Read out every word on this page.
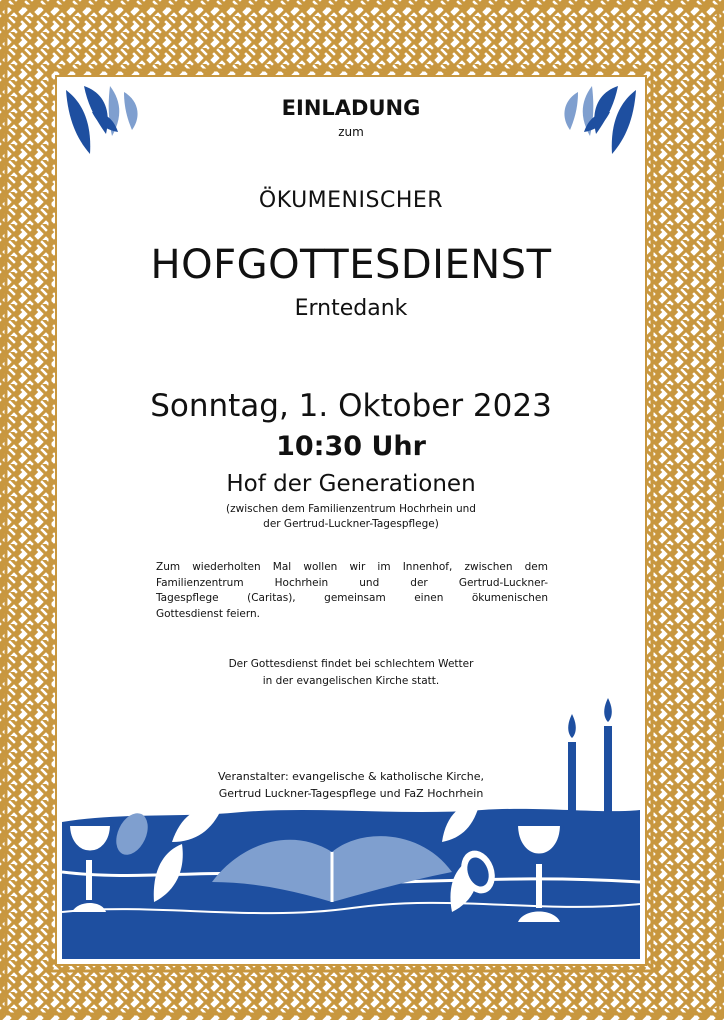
EINLADUNG
zum
ÖKUMENISCHER
HOFGOTTESDIENST
Erntedank
Sonntag, 1. Oktober 2023
10:30 Uhr
Hof der Generationen
(zwischen dem Familienzentrum Hochrhein und
der Gertrud-Luckner-Tagespflege)
Zum wiederholten Mal wollen wir im Innenhof, zwischen dem
Familienzentrum Hochrhein und der Gertrud-Luckner-
Tagespflege (Caritas), gemeinsam einen ökumenischen
Gottesdienst feiern.
Der Gottesdienst findet bei schlechtem Wetter
in der evangelischen Kirche statt.
Veranstalter: evangelische & katholische Kirche,
Gertrud Luckner-Tagespflege und FaZ Hochrhein
